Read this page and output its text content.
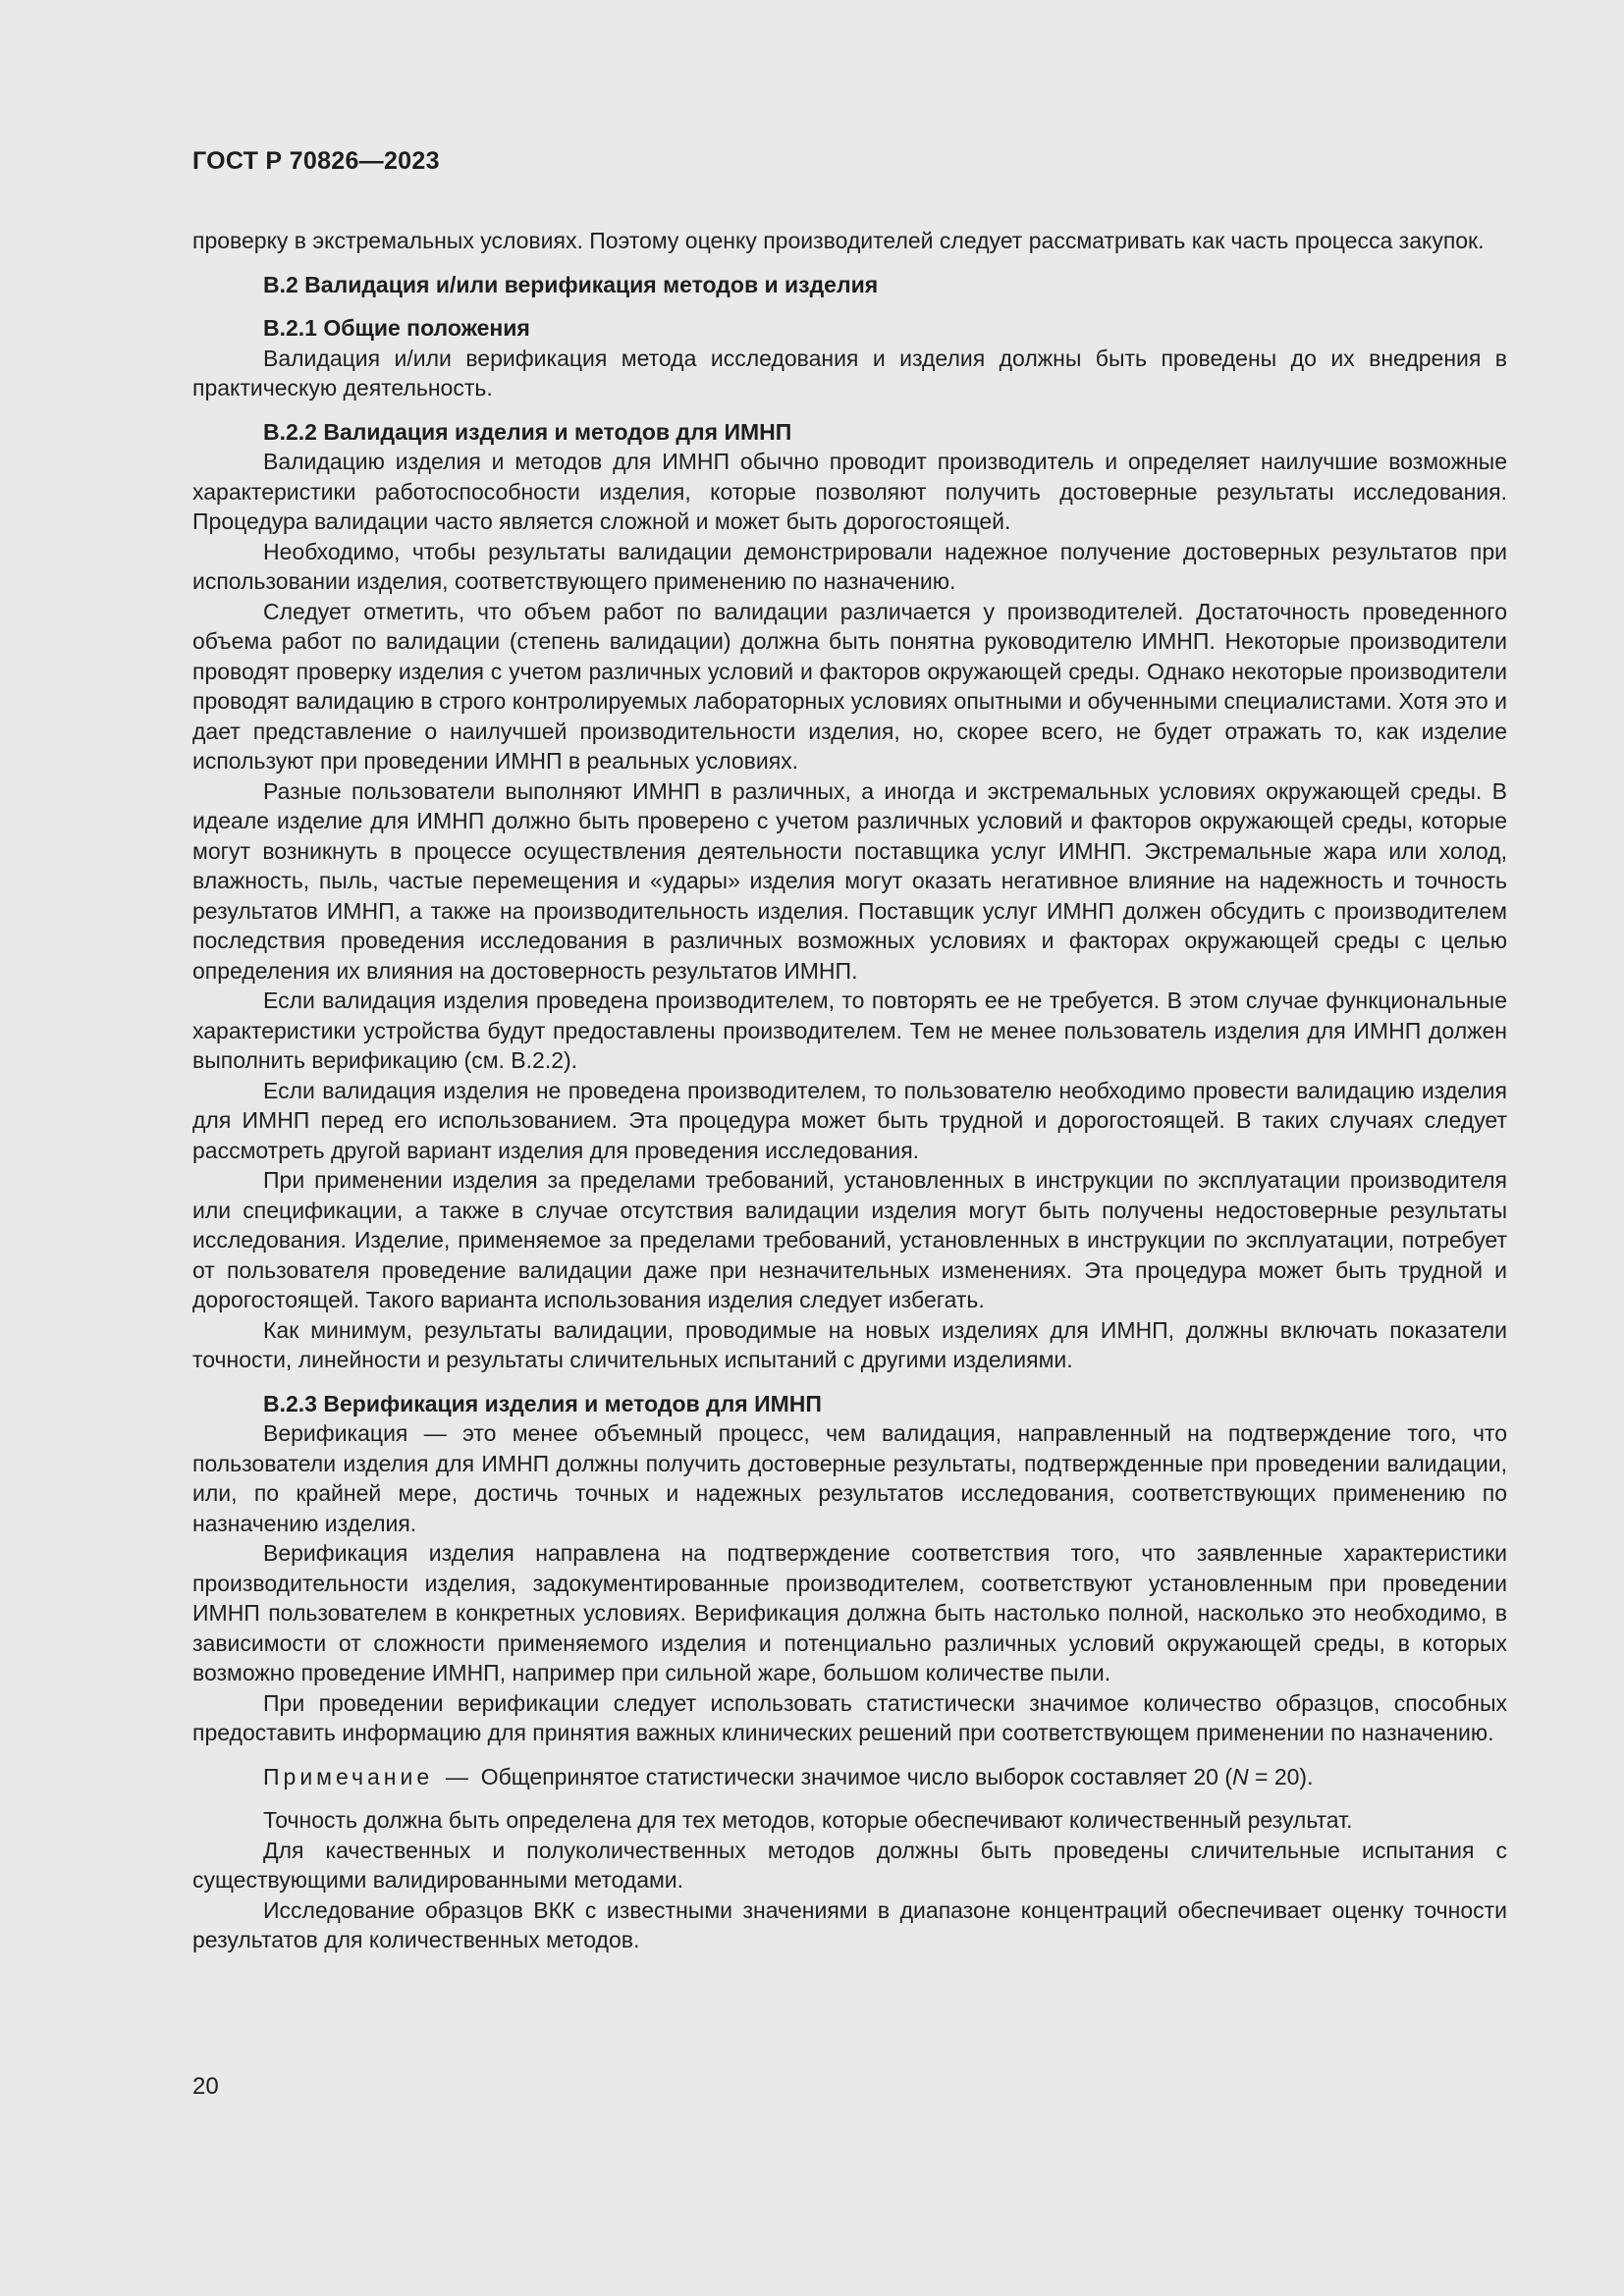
ГОСТ Р 70826—2023

проверку в экстремальных условиях. Поэтому оценку производителей следует рассматривать как часть процесса закупок.

В.2 Валидация и/или верификация методов и изделия
В.2.1 Общие положения

Валидация и/или верификация метода исследования и изделия должны быть проведены до их внедрения в практическую деятельность.

В.2.2 Валидация изделия и методов для ИМНП

Валидацию изделия и методов для ИМНП обычно проводит производитель и определяет наилучшие возможные характеристики работоспособности изделия, которые позволяют получить достоверные результаты исследования. Процедура валидации часто является сложной и может быть дорогостоящей.

Необходимо, чтобы результаты валидации демонстрировали надежное получение достоверных результатов при использовании изделия, соответствующего применению по назначению.

Следует отметить, что объем работ по валидации различается у производителей. Достаточность проведенного объема работ по валидации (степень валидации) должна быть понятна руководителю ИМНП. Некоторые производители проводят проверку изделия с учетом различных условий и факторов окружающей среды. Однако некоторые производители проводят валидацию в строго контролируемых лабораторных условиях опытными и обученными специалистами. Хотя это и дает представление о наилучшей производительности изделия, но, скорее всего, не будет отражать то, как изделие используют при проведении ИМНП в реальных условиях.

Разные пользователи выполняют ИМНП в различных, а иногда и экстремальных условиях окружающей среды. В идеале изделие для ИМНП должно быть проверено с учетом различных условий и факторов окружающей среды, которые могут возникнуть в процессе осуществления деятельности поставщика услуг ИМНП. Экстремальные жара или холод, влажность, пыль, частые перемещения и «удары» изделия могут оказать негативное влияние на надежность и точность результатов ИМНП, а также на производительность изделия. Поставщик услуг ИМНП должен обсудить с производителем последствия проведения исследования в различных возможных условиях и факторах окружающей среды с целью определения их влияния на достоверность результатов ИМНП.

Если валидация изделия проведена производителем, то повторять ее не требуется. В этом случае функциональные характеристики устройства будут предоставлены производителем. Тем не менее пользователь изделия для ИМНП должен выполнить верификацию (см. В.2.2).

Если валидация изделия не проведена производителем, то пользователю необходимо провести валидацию изделия для ИМНП перед его использованием. Эта процедура может быть трудной и дорогостоящей. В таких случаях следует рассмотреть другой вариант изделия для проведения исследования.

При применении изделия за пределами требований, установленных в инструкции по эксплуатации производителя или спецификации, а также в случае отсутствия валидации изделия могут быть получены недостоверные результаты исследования. Изделие, применяемое за пределами требований, установленных в инструкции по эксплуатации, потребует от пользователя проведение валидации даже при незначительных изменениях. Эта процедура может быть трудной и дорогостоящей. Такого варианта использования изделия следует избегать.

Как минимум, результаты валидации, проводимые на новых изделиях для ИМНП, должны включать показатели точности, линейности и результаты сличительных испытаний с другими изделиями.

В.2.3 Верификация изделия и методов для ИМНП

Верификация — это менее объемный процесс, чем валидация, направленный на подтверждение того, что пользователи изделия для ИМНП должны получить достоверные результаты, подтвержденные при проведении валидации, или, по крайней мере, достичь точных и надежных результатов исследования, соответствующих применению по назначению изделия.

Верификация изделия направлена на подтверждение соответствия того, что заявленные характеристики производительности изделия, задокументированные производителем, соответствуют установленным при проведении ИМНП пользователем в конкретных условиях. Верификация должна быть настолько полной, насколько это необходимо, в зависимости от сложности применяемого изделия и потенциально различных условий окружающей среды, в которых возможно проведение ИМНП, например при сильной жаре, большом количестве пыли.

При проведении верификации следует использовать статистически значимое количество образцов, способных предоставить информацию для принятия важных клинических решений при соответствующем применении по назначению.

Примечание — Общепринятое статистически значимое число выборок составляет 20 (N = 20).

Точность должна быть определена для тех методов, которые обеспечивают количественный результат.

Для качественных и полуколичественных методов должны быть проведены сличительные испытания с существующими валидированными методами.

Исследование образцов ВКК с известными значениями в диапазоне концентраций обеспечивает оценку точности результатов для количественных методов.

20
